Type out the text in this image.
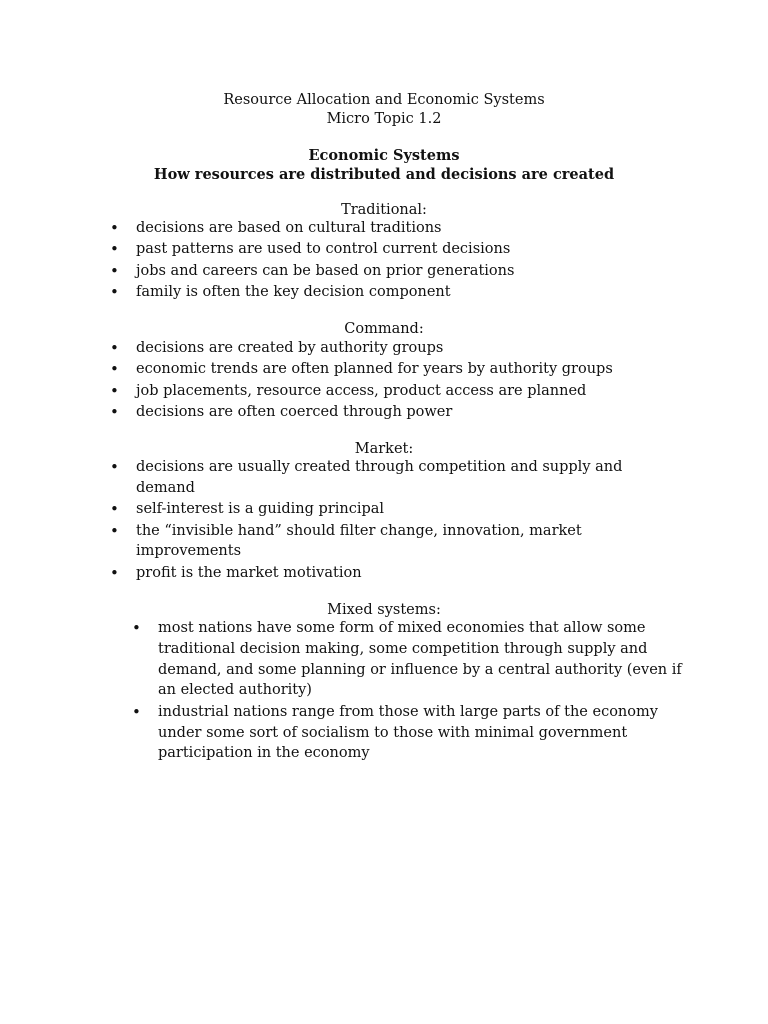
Resource Allocation and Economic Systems
Micro Topic 1.2
Economic Systems
How resources are distributed and decisions are created
Traditional:
• decisions are based on cultural traditions
• past patterns are used to control current decisions
• jobs and careers can be based on prior generations
• family is often the key decision component
Command:
• decisions are created by authority groups
• economic trends are often planned for years by authority groups
• job placements, resource access, product access are planned
• decisions are often coerced through power
Market:
• decisions are usually created through competition and supply and demand
• self-interest is a guiding principal
• the “invisible hand” should filter change, innovation, market improvements
• profit is the market motivation
Mixed systems:
• most nations have some form of mixed economies that allow some traditional decision making, some competition through supply and demand, and some planning or influence by a central authority (even if an elected authority)
• industrial nations range from those with large parts of the economy under some sort of socialism to those with minimal government participation in the economy
